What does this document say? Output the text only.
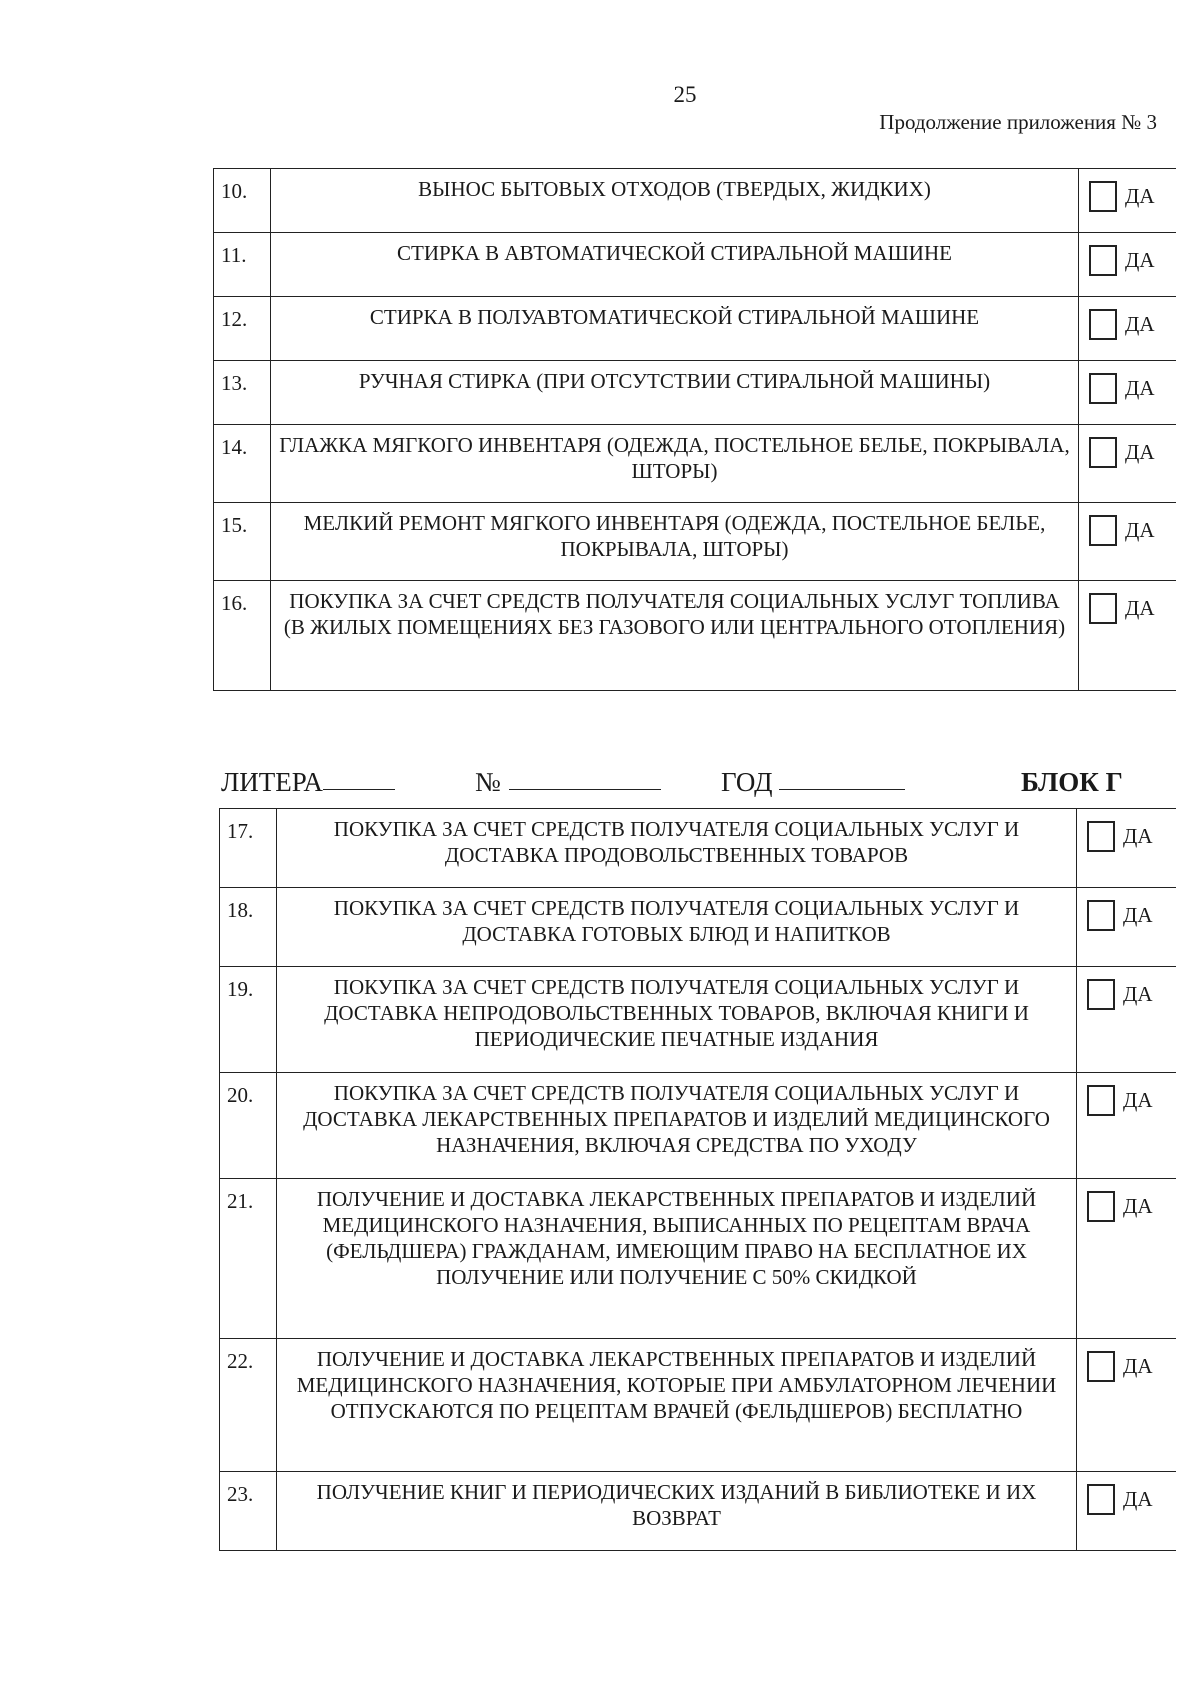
25
Продолжение приложения № 3
10.	ВЫНОС БЫТОВЫХ ОТХОДОВ (ТВЕРДЫХ, ЖИДКИХ)	ДА
11.	СТИРКА В АВТОМАТИЧЕСКОЙ СТИРАЛЬНОЙ МАШИНЕ	ДА
12.	СТИРКА В ПОЛУАВТОМАТИЧЕСКОЙ СТИРАЛЬНОЙ МАШИНЕ	ДА
13.	РУЧНАЯ СТИРКА (ПРИ ОТСУТСТВИИ СТИРАЛЬНОЙ МАШИНЫ)	ДА
14.	ГЛАЖКА МЯГКОГО ИНВЕНТАРЯ (ОДЕЖДА, ПОСТЕЛЬНОЕ БЕЛЬЕ, ПОКРЫВАЛА, ШТОРЫ)	ДА
15.	МЕЛКИЙ РЕМОНТ МЯГКОГО ИНВЕНТАРЯ (ОДЕЖДА, ПОСТЕЛЬНОЕ БЕЛЬЕ, ПОКРЫВАЛА, ШТОРЫ)	ДА
16.	ПОКУПКА ЗА СЧЕТ СРЕДСТВ ПОЛУЧАТЕЛЯ СОЦИАЛЬНЫХ УСЛУГ ТОПЛИВА (В ЖИЛЫХ ПОМЕЩЕНИЯХ БЕЗ ГАЗОВОГО ИЛИ ЦЕНТРАЛЬНОГО ОТОПЛЕНИЯ)	ДА
ЛИТЕРА	№	ГОД	БЛОК Г
17.	ПОКУПКА ЗА СЧЕТ СРЕДСТВ ПОЛУЧАТЕЛЯ СОЦИАЛЬНЫХ УСЛУГ И ДОСТАВКА ПРОДОВОЛЬСТВЕННЫХ ТОВАРОВ	ДА
18.	ПОКУПКА ЗА СЧЕТ СРЕДСТВ ПОЛУЧАТЕЛЯ СОЦИАЛЬНЫХ УСЛУГ И ДОСТАВКА ГОТОВЫХ БЛЮД И НАПИТКОВ	ДА
19.	ПОКУПКА ЗА СЧЕТ СРЕДСТВ ПОЛУЧАТЕЛЯ СОЦИАЛЬНЫХ УСЛУГ И ДОСТАВКА НЕПРОДОВОЛЬСТВЕННЫХ ТОВАРОВ, ВКЛЮЧАЯ КНИГИ И ПЕРИОДИЧЕСКИЕ ПЕЧАТНЫЕ ИЗДАНИЯ	ДА
20.	ПОКУПКА ЗА СЧЕТ СРЕДСТВ ПОЛУЧАТЕЛЯ СОЦИАЛЬНЫХ УСЛУГ И ДОСТАВКА ЛЕКАРСТВЕННЫХ ПРЕПАРАТОВ И ИЗДЕЛИЙ МЕДИЦИНСКОГО НАЗНАЧЕНИЯ, ВКЛЮЧАЯ СРЕДСТВА ПО УХОДУ	ДА
21.	ПОЛУЧЕНИЕ И ДОСТАВКА ЛЕКАРСТВЕННЫХ ПРЕПАРАТОВ И ИЗДЕЛИЙ МЕДИЦИНСКОГО НАЗНАЧЕНИЯ, ВЫПИСАННЫХ ПО РЕЦЕПТАМ ВРАЧА (ФЕЛЬДШЕРА) ГРАЖДАНАМ, ИМЕЮЩИМ ПРАВО НА БЕСПЛАТНОЕ ИХ ПОЛУЧЕНИЕ ИЛИ ПОЛУЧЕНИЕ С 50% СКИДКОЙ	ДА
22.	ПОЛУЧЕНИЕ И ДОСТАВКА ЛЕКАРСТВЕННЫХ ПРЕПАРАТОВ И ИЗДЕЛИЙ МЕДИЦИНСКОГО НАЗНАЧЕНИЯ, КОТОРЫЕ ПРИ АМБУЛАТОРНОМ ЛЕЧЕНИИ ОТПУСКАЮТСЯ ПО РЕЦЕПТАМ ВРАЧЕЙ (ФЕЛЬДШЕРОВ) БЕСПЛАТНО	ДА
23.	ПОЛУЧЕНИЕ КНИГ И ПЕРИОДИЧЕСКИХ ИЗДАНИЙ В БИБЛИОТЕКЕ И ИХ ВОЗВРАТ	ДА
